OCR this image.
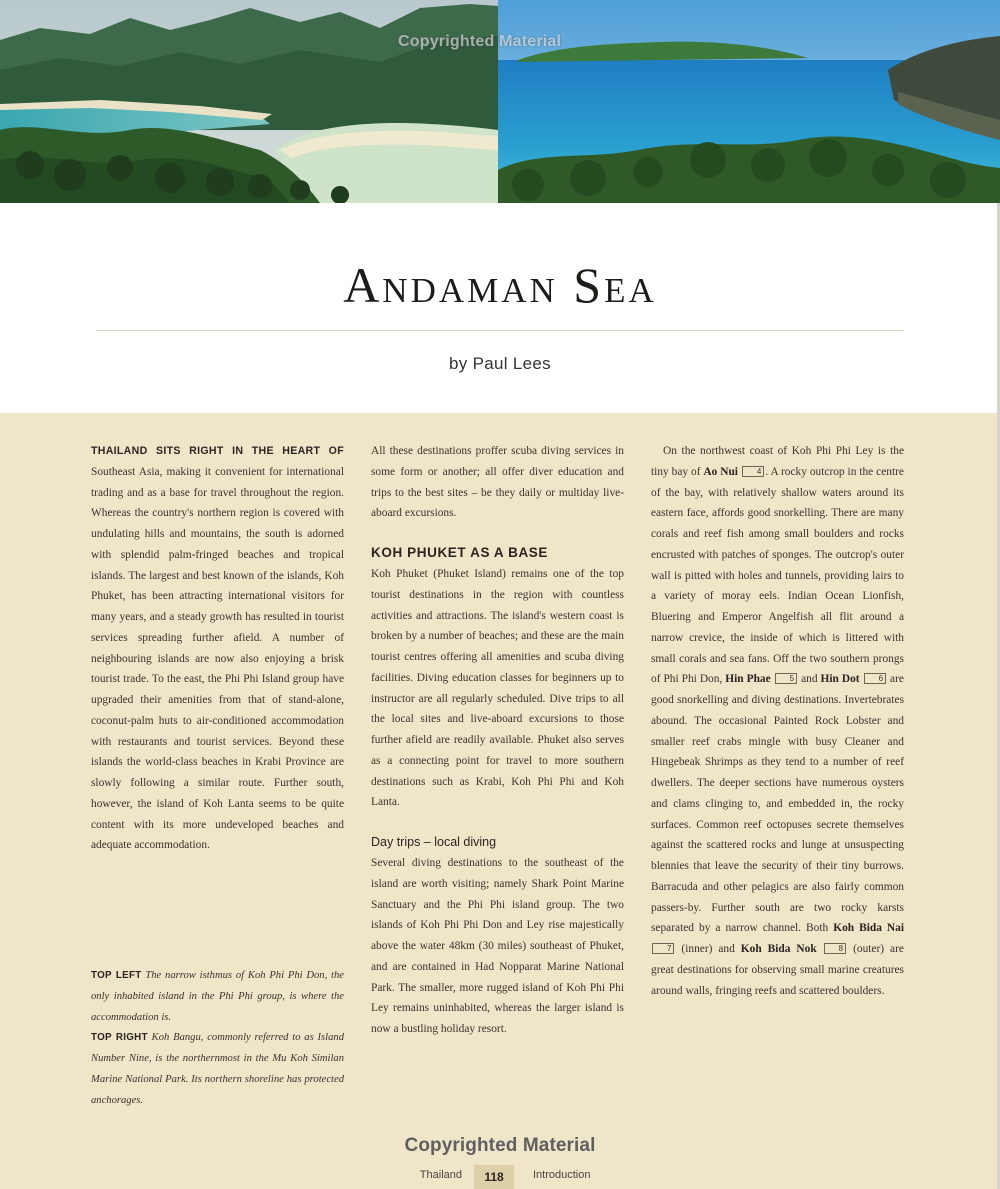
Copyrighted Material
Andaman Sea
by Paul Lees

THAILAND SITS RIGHT IN THE HEART OF Southeast Asia, making it convenient for international trading and as a base for travel throughout the region. Whereas the country's northern region is covered with undulating hills and mountains, the south is adorned with splendid palm-fringed beaches and tropical islands. The largest and best known of the islands, Koh Phuket, has been attracting international visitors for many years, and a steady growth has resulted in tourist services spreading further afield. A number of neighbouring islands are now also enjoying a brisk tourist trade. To the east, the Phi Phi Island group have upgraded their amenities from that of stand-alone, coconut-palm huts to air-conditioned accommodation with restaurants and tourist services. Beyond these islands the world-class beaches in Krabi Province are slowly following a similar route. Further south, however, the island of Koh Lanta seems to be quite content with its more undeveloped beaches and adequate accommodation.

TOP LEFT The narrow isthmus of Koh Phi Phi Don, the only inhabited island in the Phi Phi group, is where the accommodation is.

TOP RIGHT Koh Bangu, commonly referred to as Island Number Nine, is the northernmost in the Mu Koh Similan Marine National Park. Its northern shoreline has protected anchorages.

All these destinations proffer scuba diving services in some form or another; all offer diver education and trips to the best sites – be they daily or multiday live-aboard excursions.

KOH PHUKET AS A BASE

Koh Phuket (Phuket Island) remains one of the top tourist destinations in the region with countless activities and attractions. The island's western coast is broken by a number of beaches; and these are the main tourist centres offering all amenities and scuba diving facilities. Diving education classes for beginners up to instructor are all regularly scheduled. Dive trips to all the local sites and live-aboard excursions to those further afield are readily available. Phuket also serves as a connecting point for travel to more southern destinations such as Krabi, Koh Phi Phi and Koh Lanta.

Day trips – local diving

Several diving destinations to the southeast of the island are worth visiting; namely Shark Point Marine Sanctuary and the Phi Phi island group. The two islands of Koh Phi Phi Don and Ley rise majestically above the water 48km (30 miles) southeast of Phuket, and are contained in Had Nopparat Marine National Park. The smaller, more rugged island of Koh Phi Phi Ley remains uninhabited, whereas the larger island is now a bustling holiday resort.

On the northwest coast of Koh Phi Phi Ley is the tiny bay of Ao Nui 4 . A rocky outcrop in the centre of the bay, with relatively shallow waters around its eastern face, affords good snorkelling. There are many corals and reef fish among small boulders and rocks encrusted with patches of sponges. The outcrop's outer wall is pitted with holes and tunnels, providing lairs to a variety of moray eels. Indian Ocean Lionfish, Bluering and Emperor Angelfish all flit around a narrow crevice, the inside of which is littered with small corals and sea fans. Off the two southern prongs of Phi Phi Don, Hin Phae 5 and Hin Dot 6 are good snorkelling and diving destinations. Invertebrates abound. The occasional Painted Rock Lobster and smaller reef crabs mingle with busy Cleaner and Hingebeak Shrimps as they tend to a number of reef dwellers. The deeper sections have numerous oysters and clams clinging to, and embedded in, the rocky surfaces. Common reef octopuses secrete themselves against the scattered rocks and lunge at unsuspecting blennies that leave the security of their tiny burrows. Barracuda and other pelagics are also fairly common passers-by. Further south are two rocky karsts separated by a narrow channel. Both Koh Bida Nai 7 (inner) and Koh Bida Nok	8 (outer) are great destinations for observing small marine creatures around walls, fringing reefs and scattered boulders.

Copyrighted Material
Thailand	118	Introduction
